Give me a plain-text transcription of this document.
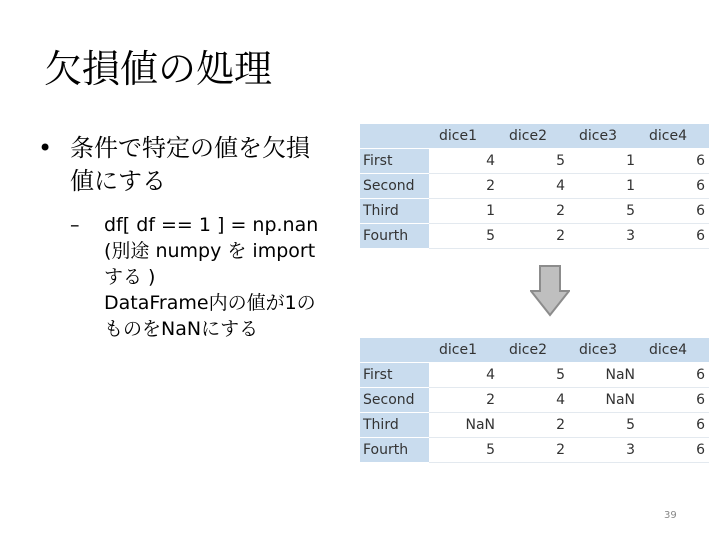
欠損値の処理
• 条件で特定の値を欠損
値にする
– df[ df == 1 ] = np.nan
(別途 numpy を import
する )
DataFrame内の値が1の
ものをNaNにする
	dice1	dice2	dice3	dice4
First	4	5	1	6
Second	2	4	1	6
Third	1	2	5	6
Fourth	5	2	3	6
	dice1	dice2	dice3	dice4
First	4	5	NaN	6
Second	2	4	NaN	6
Third	NaN	2	5	6
Fourth	5	2	3	6
39
